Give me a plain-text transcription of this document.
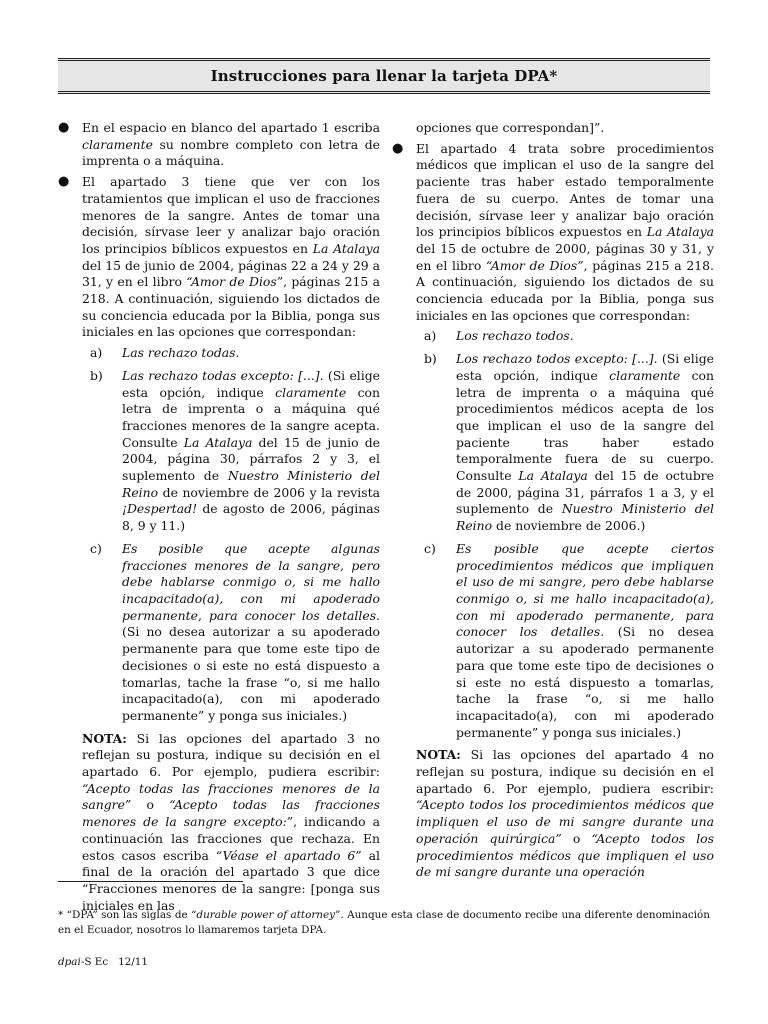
Instrucciones para llenar la tarjeta DPA*

● En el espacio en blanco del apartado 1 escriba claramente su nombre completo con letra de imprenta o a máquina.

● El apartado 3 tiene que ver con los tratamientos que implican el uso de fracciones menores de la sangre. Antes de tomar una decisión, sírvase leer y analizar bajo oración los principios bíblicos expuestos en La Atalaya del 15 de junio de 2004, páginas 22 a 24 y 29 a 31, y en el libro “Amor de Dios”, páginas 215 a 218. A continuación, siguiendo los dictados de su conciencia educada por la Biblia, ponga sus iniciales en las opciones que correspondan:

a) Las rechazo todas.

b) Las rechazo todas excepto: [...]. (Si elige esta opción, indique claramente con letra de imprenta o a máquina qué fracciones menores de la sangre acepta. Consulte La Atalaya del 15 de junio de 2004, página 30, párrafos 2 y 3, el suplemento de Nuestro Ministerio del Reino de noviembre de 2006 y la revista ¡Despertad! de agosto de 2006, páginas 8, 9 y 11.)

c) Es posible que acepte algunas fracciones menores de la sangre, pero debe hablarse conmigo o, si me hallo incapacitado(a), con mi apoderado permanente, para conocer los detalles. (Si no desea autorizar a su apoderado permanente para que tome este tipo de decisiones o si este no está dispuesto a tomarlas, tache la frase “o, si me hallo incapacitado(a), con mi apoderado permanente” y ponga sus iniciales.)

NOTA: Si las opciones del apartado 3 no reflejan su postura, indique su decisión en el apartado 6. Por ejemplo, pudiera escribir: “Acepto todas las fracciones menores de la sangre” o “Acepto todas las fracciones menores de la sangre excepto:”, indicando a continuación las fracciones que rechaza. En estos casos escriba “Véase el apartado 6” al final de la oración del apartado 3 que dice “Fracciones menores de la sangre: [ponga sus iniciales en las

opciones que correspondan]”.

● El apartado 4 trata sobre procedimientos médicos que implican el uso de la sangre del paciente tras haber estado temporalmente fuera de su cuerpo. Antes de tomar una decisión, sírvase leer y analizar bajo oración los principios bíblicos expuestos en La Atalaya del 15 de octubre de 2000, páginas 30 y 31, y en el libro “Amor de Dios”, páginas 215 a 218. A continuación, siguiendo los dictados de su conciencia educada por la Biblia, ponga sus iniciales en las opciones que correspondan:

a) Los rechazo todos.

b) Los rechazo todos excepto: [...]. (Si elige esta opción, indique claramente con letra de imprenta o a máquina qué procedimientos médicos acepta de los que implican el uso de la sangre del paciente tras haber estado temporalmente fuera de su cuerpo. Consulte La Atalaya del 15 de octubre de 2000, página 31, párrafos 1 a 3, y el suplemento de Nuestro Ministerio del Reino de noviembre de 2006.)

c) Es posible que acepte ciertos procedimientos médicos que impliquen el uso de mi sangre, pero debe hablarse conmigo o, si me hallo incapacitado(a), con mi apoderado permanente, para conocer los detalles. (Si no desea autorizar a su apoderado permanente para que tome este tipo de decisiones o si este no está dispuesto a tomarlas, tache la frase “o, si me hallo incapacitado(a), con mi apoderado permanente” y ponga sus iniciales.)

NOTA: Si las opciones del apartado 4 no reflejan su postura, indique su decisión en el apartado 6. Por ejemplo, pudiera escribir: “Acepto todos los procedimientos médicos que impliquen el uso de mi sangre durante una operación quirúrgica” o “Acepto todos los procedimientos médicos que impliquen el uso de mi sangre durante una operación

* “DPA” son las siglas de “durable power of attorney”. Aunque esta clase de documento recibe una diferente denominación en el Ecuador, nosotros lo llamaremos tarjeta DPA.

dpai-S Ec   12/11
